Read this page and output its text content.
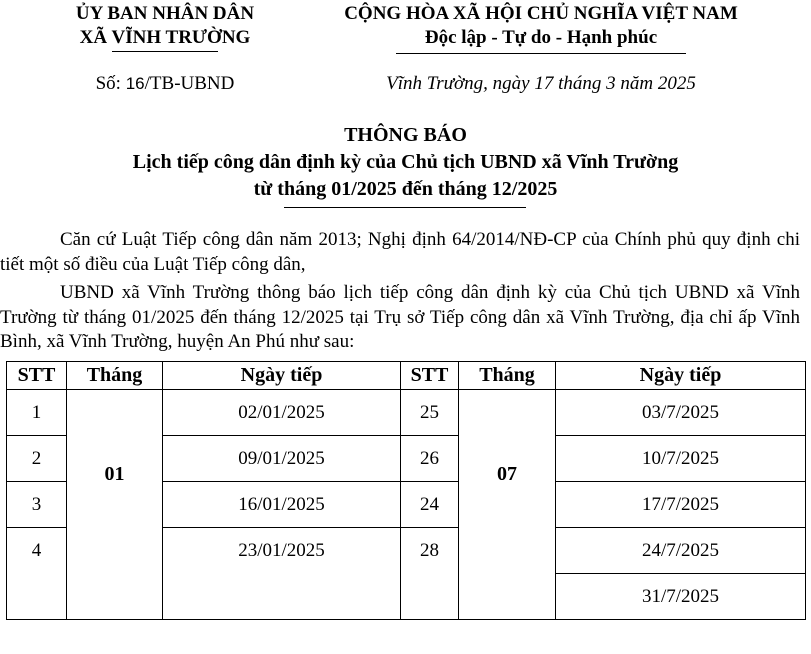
ỦY BAN NHÂN DÂN
XÃ VĨNH TRƯỜNG
CỘNG HÒA XÃ HỘI CHỦ NGHĨA VIỆT NAM
Độc lập - Tự do - Hạnh phúc
Số: 16/TB-UBND	Vĩnh Trường, ngày 17 tháng 3 năm 2025
THÔNG BÁO
Lịch tiếp công dân định kỳ của Chủ tịch UBND xã Vĩnh Trường
từ tháng 01/2025 đến tháng 12/2025
Căn cứ Luật Tiếp công dân năm 2013; Nghị định 64/2014/NĐ-CP của Chính phủ quy định chi tiết một số điều của Luật Tiếp công dân,
UBND xã Vĩnh Trường thông báo lịch tiếp công dân định kỳ của Chủ tịch UBND xã Vĩnh Trường từ tháng 01/2025 đến tháng 12/2025 tại Trụ sở Tiếp công dân xã Vĩnh Trường, địa chỉ ấp Vĩnh Bình, xã Vĩnh Trường, huyện An Phú như sau:
STT	Tháng	Ngày tiếp	STT	Tháng	Ngày tiếp
1	01	02/01/2025	25	07	03/7/2025
2		09/01/2025	26		10/7/2025
3		16/01/2025	24		17/7/2025
4		23/01/2025	28		24/7/2025
					31/7/2025
